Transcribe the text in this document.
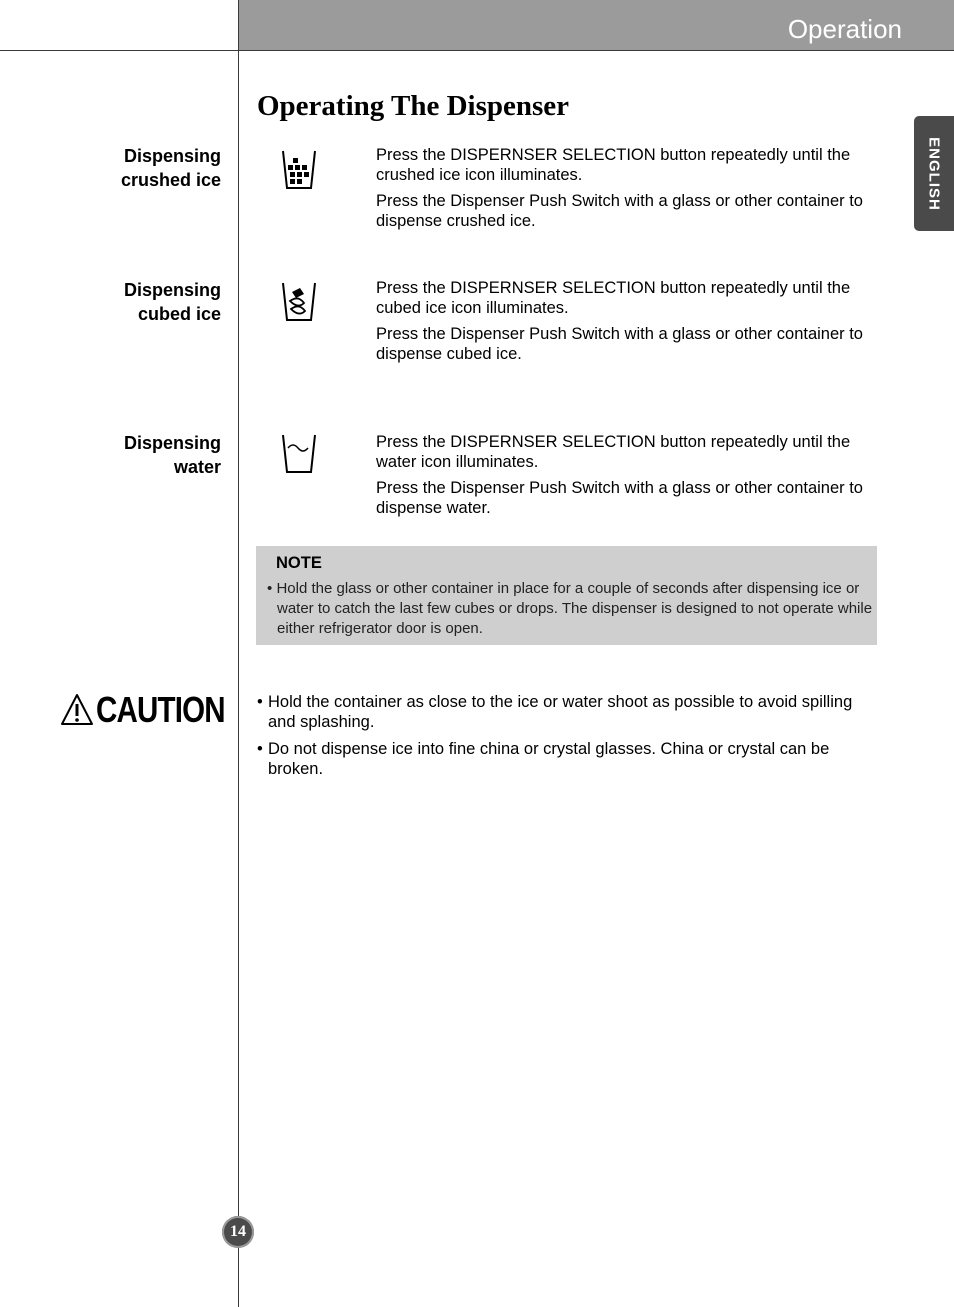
Operation
ENGLISH
Operating The Dispenser
Dispensing
crushed ice

Press the DISPERNSER SELECTION button repeatedly until the crushed ice icon illuminates.

Press the Dispenser Push Switch with a glass or other container to dispense crushed ice.

Dispensing
cubed ice

Press the DISPERNSER SELECTION button repeatedly until the cubed ice icon illuminates.

Press the Dispenser Push Switch with a glass or other container to dispense cubed ice.

Dispensing
water

Press the DISPERNSER SELECTION button repeatedly until the water icon illuminates.

Press the Dispenser Push Switch with a glass or other container to dispense water.

NOTE
• Hold the glass or other container in place for a couple of seconds after dispensing ice or water to catch the last few cubes or drops. The dispenser is designed to not operate while either refrigerator door is open.
CAUTION • Hold the container as close to the ice or water shoot as possible to avoid spilling and splashing.
• Do not dispense ice into fine china or crystal glasses. China or crystal can be broken.
14
